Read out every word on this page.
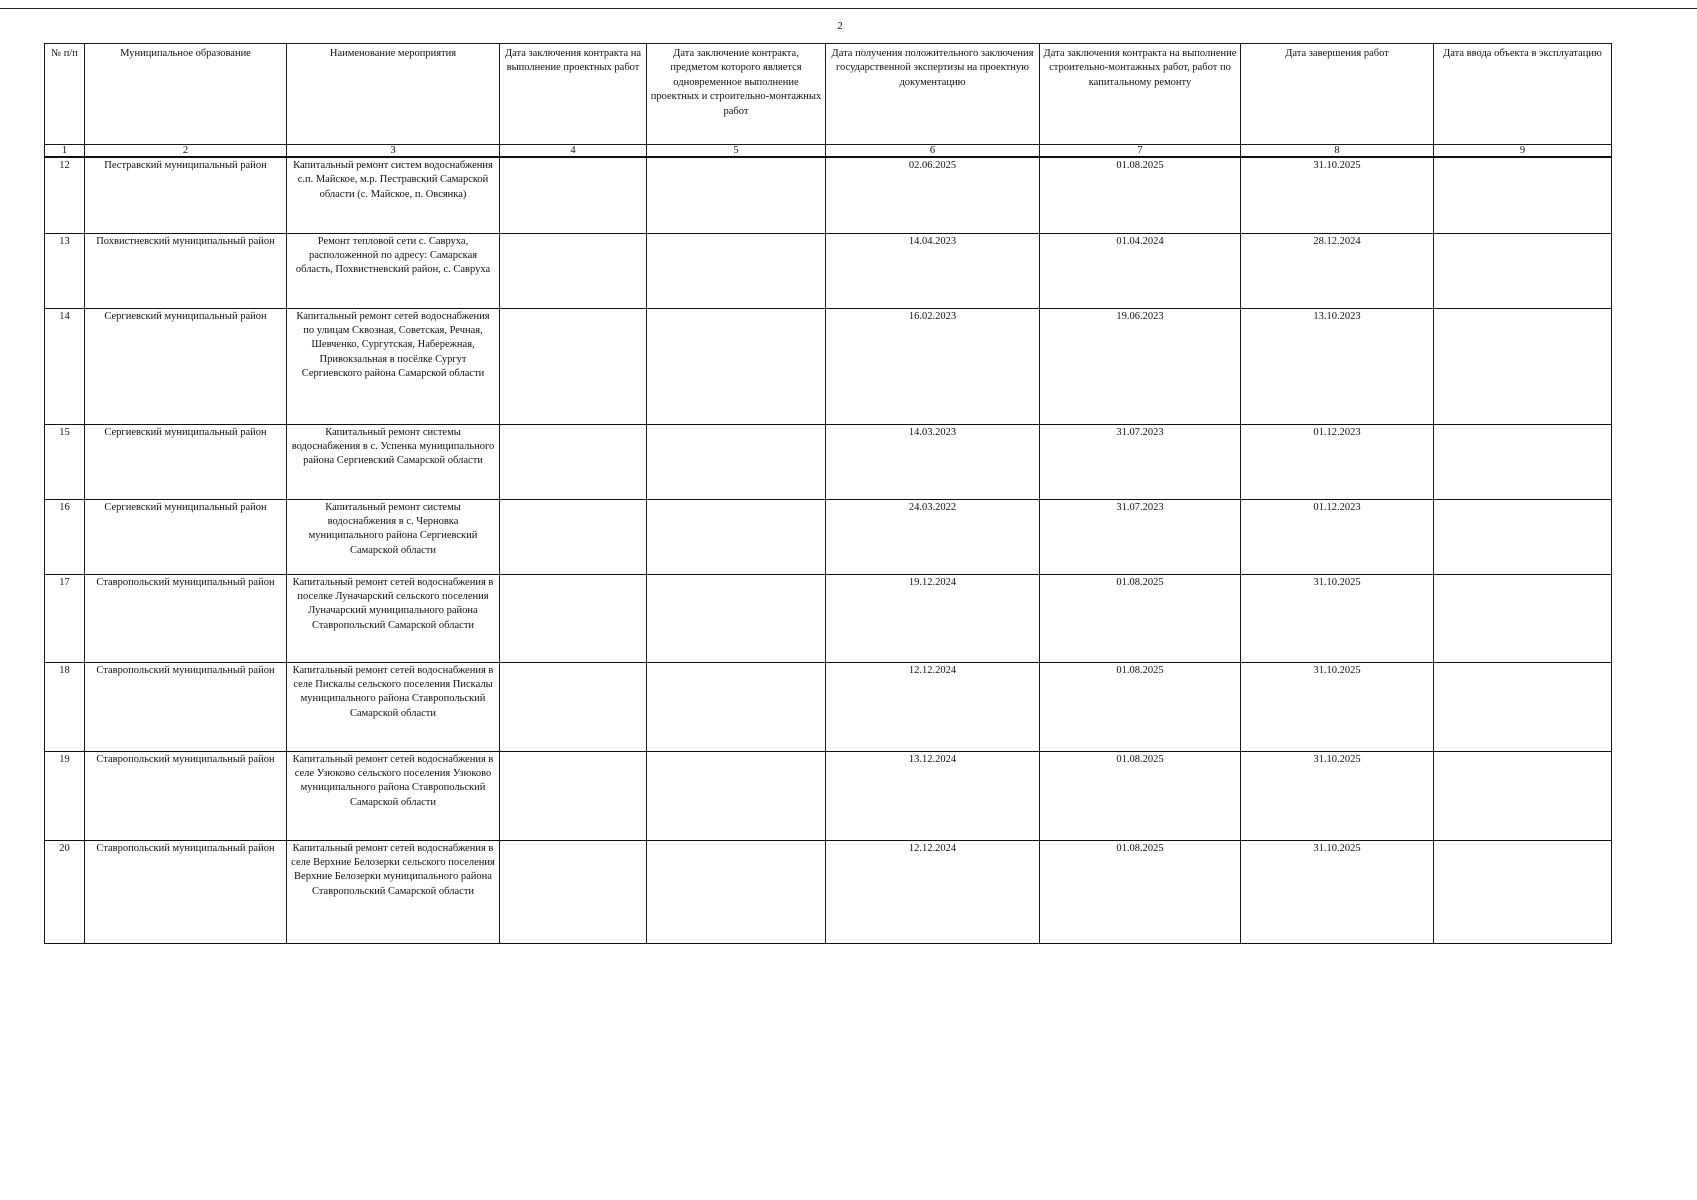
2
№ п/п	Муниципальное образование	Наименование мероприятия	Дата заключения контракта на выполнение проектных работ	Дата заключение контракта, предметом которого является одновременное выполнение проектных и строительно-монтажных работ	Дата получения положительного заключения государственной экспертизы на проектную документацию	Дата заключения контракта на выполнение строительно-монтажных работ, работ по капитальному ремонту	Дата завершения работ	Дата ввода объекта в эксплуатацию
1	2	3	4	5	6	7	8	9
12	Пестравский муниципальный район	Капитальный ремонт систем водоснабжения с.п. Майское, м.р. Пестравский Самарской области (с. Майское, п. Овсянка)			02.06.2025	01.08.2025	31.10.2025	
13	Похвистневский муниципальный район	Ремонт тепловой сети с. Савруха, расположенной по адресу: Самарская область, Похвистневский район, с. Савруха			14.04.2023	01.04.2024	28.12.2024	
14	Сергиевский муниципальный район	Капитальный ремонт сетей водоснабжения по улицам Сквозная, Советская, Речная, Шевченко, Сургутская, Набережная, Привокзальная в посёлке Сургут Сергиевского района Самарской области			16.02.2023	19.06.2023	13.10.2023	
15	Сергиевский муниципальный район	Капитальный ремонт системы водоснабжения в с. Успенка муниципального района Сергиевский Самарской области			14.03.2023	31.07.2023	01.12.2023	
16	Сергиевский муниципальный район	Капитальный ремонт системы водоснабжения в с. Черновка муниципального района Сергиевский Самарской области			24.03.2022	31.07.2023	01.12.2023	
17	Ставропольский муниципальный район	Капитальный ремонт сетей водоснабжения в поселке Луначарский сельского поселения Луначарский муниципального района Ставропольский Самарской области			19.12.2024	01.08.2025	31.10.2025	
18	Ставропольский муниципальный район	Капитальный ремонт сетей водоснабжения в селе Пискалы сельского поселения Пискалы муниципального района Ставропольский Самарской области			12.12.2024	01.08.2025	31.10.2025	
19	Ставропольский муниципальный район	Капитальный ремонт сетей водоснабжения в селе Узюково сельского поселения Узюково муниципального района Ставропольский Самарской области			13.12.2024	01.08.2025	31.10.2025	
20	Ставропольский муниципальный район	Капитальный ремонт сетей водоснабжения в селе Верхние Белозерки сельского поселения Верхние Белозерки муниципального района Ставропольский Самарской области			12.12.2024	01.08.2025	31.10.2025	
